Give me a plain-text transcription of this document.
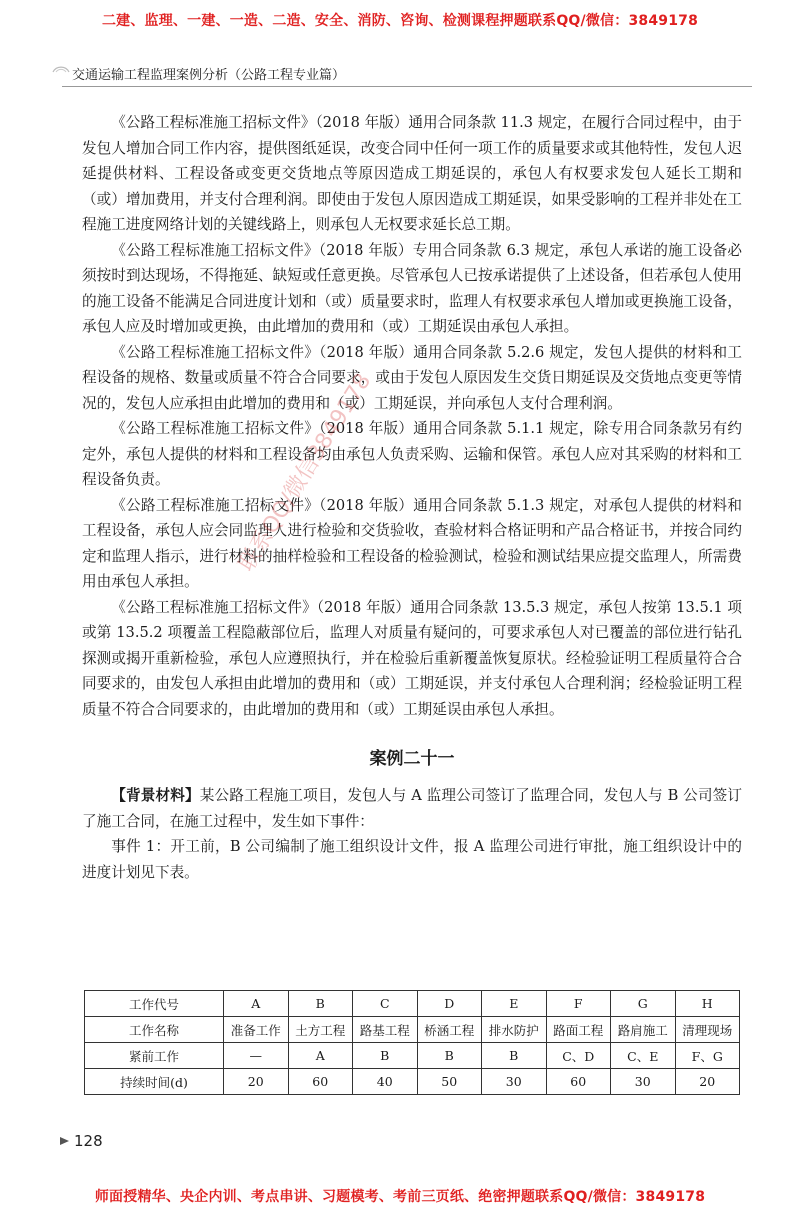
二建、监理、一建、一造、二造、安全、消防、咨询、检测课程押题联系QQ/微信：3849178
交通运输工程监理案例分析（公路工程专业篇）

《公路工程标准施工招标文件》（2018 年版）通用合同条款 11.3 规定，在履行合同过程中，由于发包人增加合同工作内容，提供图纸延误，改变合同中任何一项工作的质量要求或其他特性，发包人迟延提供材料、工程设备或变更交货地点等原因造成工期延误的，承包人有权要求发包人延长工期和（或）增加费用，并支付合理利润。即使由于发包人原因造成工期延误，如果受影响的工程并非处在工程施工进度网络计划的关键线路上，则承包人无权要求延长总工期。

《公路工程标准施工招标文件》（2018 年版）专用合同条款 6.3 规定，承包人承诺的施工设备必须按时到达现场，不得拖延、缺短或任意更换。尽管承包人已按承诺提供了上述设备，但若承包人使用的施工设备不能满足合同进度计划和（或）质量要求时，监理人有权要求承包人增加或更换施工设备，承包人应及时增加或更换，由此增加的费用和（或）工期延误由承包人承担。

《公路工程标准施工招标文件》（2018 年版）通用合同条款 5.2.6 规定，发包人提供的材料和工程设备的规格、数量或质量不符合合同要求，或由于发包人原因发生交货日期延误及交货地点变更等情况的，发包人应承担由此增加的费用和（或）工期延误，并向承包人支付合理利润。

《公路工程标准施工招标文件》（2018 年版）通用合同条款 5.1.1 规定，除专用合同条款另有约定外，承包人提供的材料和工程设备均由承包人负责采购、运输和保管。承包人应对其采购的材料和工程设备负责。

《公路工程标准施工招标文件》（2018 年版）通用合同条款 5.1.3 规定，对承包人提供的材料和工程设备，承包人应会同监理人进行检验和交货验收，查验材料合格证明和产品合格证书，并按合同约定和监理人指示，进行材料的抽样检验和工程设备的检验测试，检验和测试结果应提交监理人，所需费用由承包人承担。

《公路工程标准施工招标文件》（2018 年版）通用合同条款 13.5.3 规定，承包人按第 13.5.1 项或第 13.5.2 项覆盖工程隐蔽部位后，监理人对质量有疑问的，可要求承包人对已覆盖的部位进行钻孔探测或揭开重新检验，承包人应遵照执行，并在检验后重新覆盖恢复原状。经检验证明工程质量符合合同要求的，由发包人承担由此增加的费用和（或）工期延误，并支付承包人合理利润；经检验证明工程质量不符合合同要求的，由此增加的费用和（或）工期延误由承包人承担。

案例二十一

【背景材料】某公路工程施工项目，发包人与 A 监理公司签订了监理合同，发包人与 B 公司签订了施工合同，在施工过程中，发生如下事件：

事件 1：开工前，B 公司编制了施工组织设计文件，报 A 监理公司进行审批，施工组织设计中的进度计划见下表。

工作代号	A	B	C	D	E	F	G	H
工作名称	准备工作	土方工程	路基工程	桥涵工程	排水防护	路面工程	路肩施工	清理现场
紧前工作	—	A	B	B	B	C、D	C、E	F、G
持续时间(d)	20	60	40	50	30	60	30	20
128
联系QQ/微信3849178
师面授精华、央企内训、考点串讲、习题模考、考前三页纸、绝密押题联系QQ/微信：3849178
